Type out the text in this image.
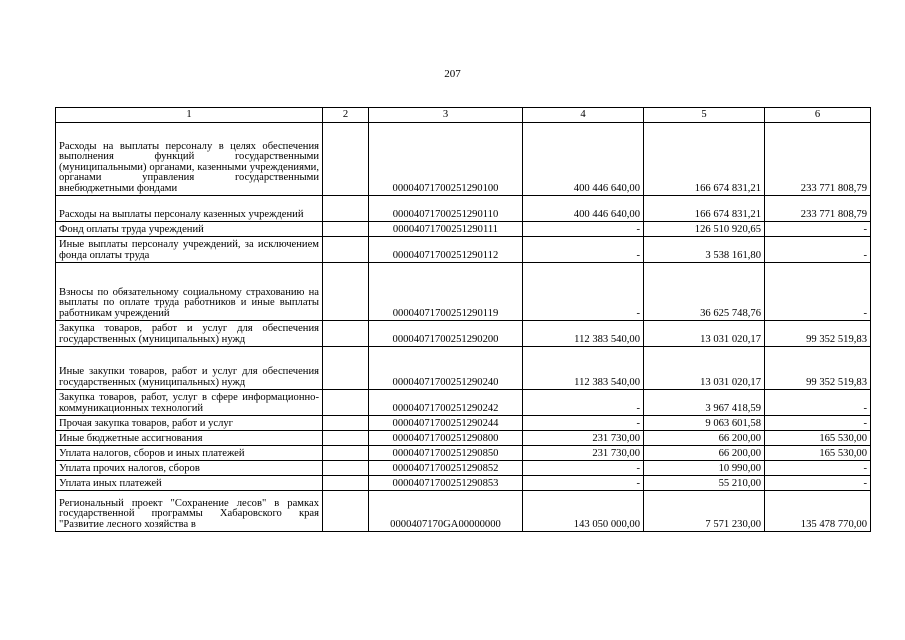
207
1	2	3	4	5	6
Расходы на выплаты персоналу в целях обеспечения выполнения функций государственными (муниципальными) органами, казенными учреждениями, органами управления государственными внебюджетными фондами		00004071700251290100	400 446 640,00	166 674 831,21	233 771 808,79
Расходы на выплаты персоналу казенных учреждений		00004071700251290110	400 446 640,00	166 674 831,21	233 771 808,79
Фонд оплаты труда учреждений		00004071700251290111	-	126 510 920,65	-
Иные выплаты персоналу учреждений, за исключением фонда оплаты труда		00004071700251290112	-	3 538 161,80	-
Взносы по обязательному социальному страхованию на выплаты по оплате труда работников и иные выплаты работникам учреждений		00004071700251290119	-	36 625 748,76	-
Закупка товаров, работ и услуг для обеспечения государственных (муниципальных) нужд		00004071700251290200	112 383 540,00	13 031 020,17	99 352 519,83
Иные закупки товаров, работ и услуг для обеспечения государственных (муниципальных) нужд		00004071700251290240	112 383 540,00	13 031 020,17	99 352 519,83
Закупка товаров, работ, услуг в сфере информационно-коммуникационных технологий		00004071700251290242	-	3 967 418,59	-
Прочая закупка товаров, работ и услуг		00004071700251290244	-	9 063 601,58	-
Иные бюджетные ассигнования		00004071700251290800	231 730,00	66 200,00	165 530,00
Уплата налогов, сборов и иных платежей		00004071700251290850	231 730,00	66 200,00	165 530,00
Уплата прочих налогов, сборов		00004071700251290852	-	10 990,00	-
Уплата иных платежей		00004071700251290853	-	55 210,00	-
Региональный проект "Сохранение лесов" в рамках государственной программы Хабаровского края "Развитие лесного хозяйства в		0000407170GA00000000	143 050 000,00	7 571 230,00	135 478 770,00
